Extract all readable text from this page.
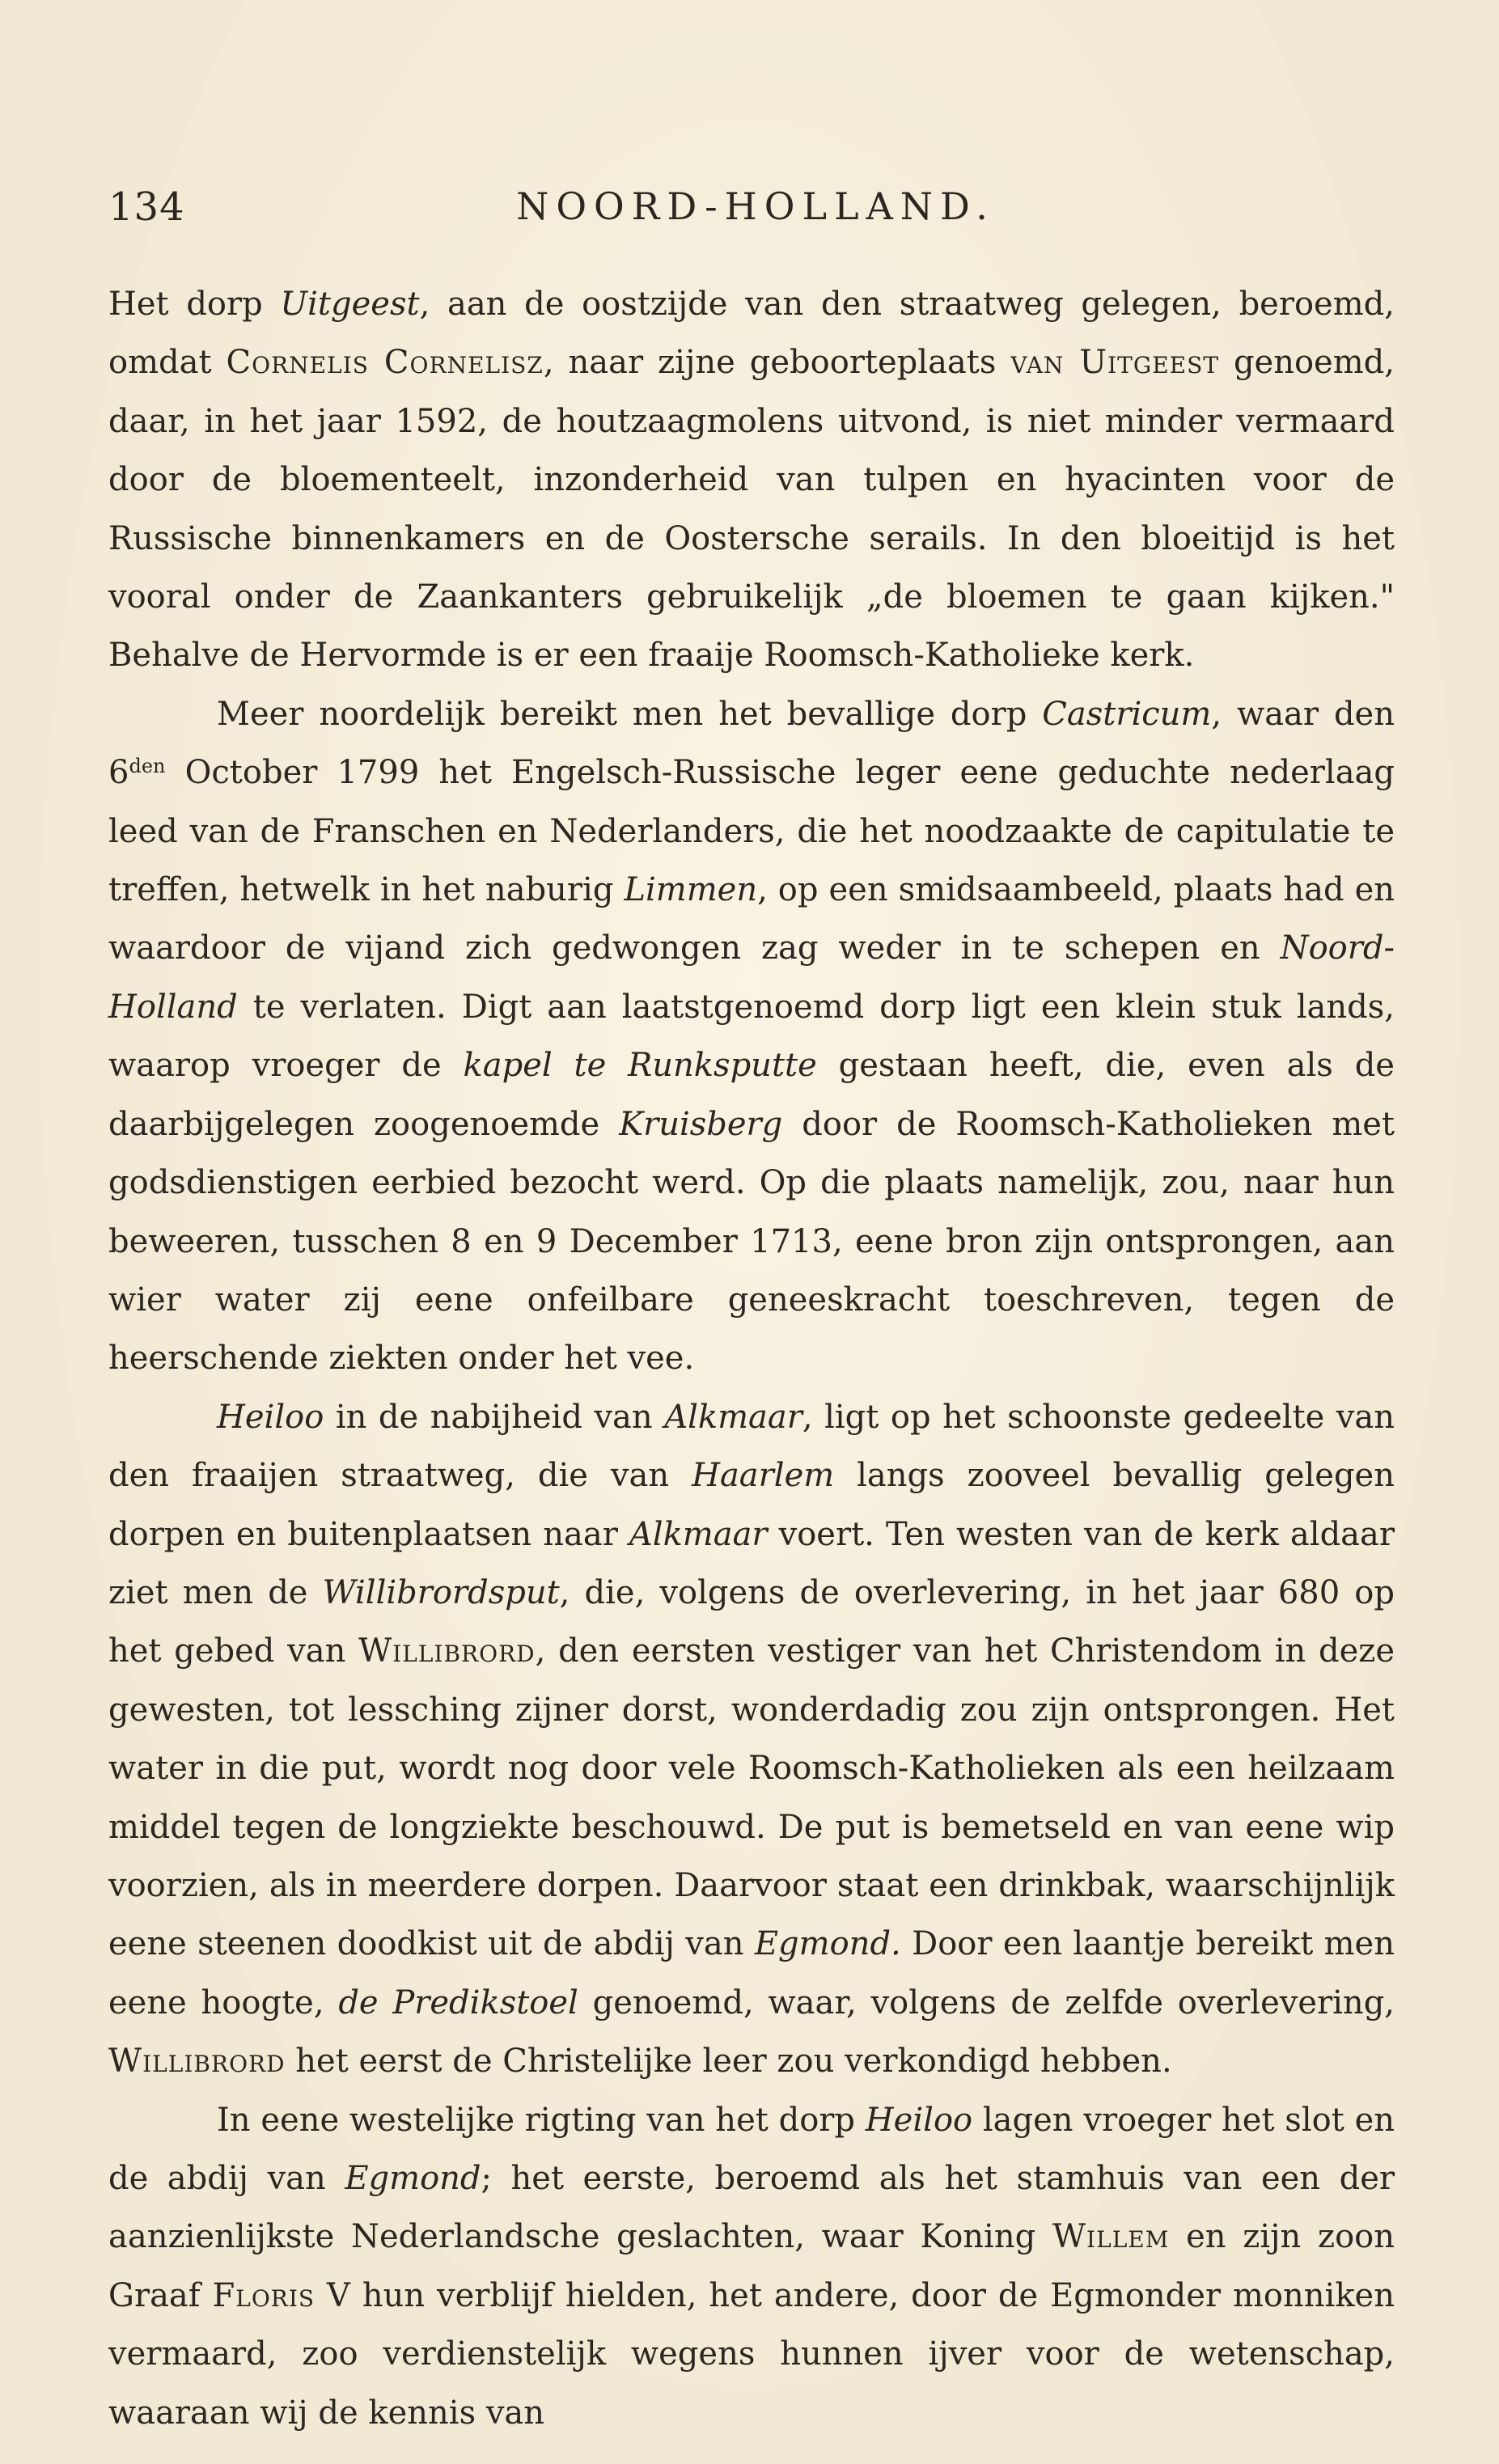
134	NOORD-HOLLAND.

Het dorp Uitgeest, aan de oostzijde van den straatweg gelegen, beroemd, omdat Cornelis Cornelisz, naar zijne geboorteplaats van Uitgeest genoemd, daar, in het jaar 1592, de houtzaagmolens uitvond, is niet minder vermaard door de bloementeelt, inzonderheid van tulpen en hyacinten voor de Russische binnenkamers en de Oostersche serails. In den bloeitijd is het vooral onder de Zaankanters gebruikelijk „de bloemen te gaan kijken." Behalve de Hervormde is er een fraaije Roomsch-Katholieke kerk.

Meer noordelijk bereikt men het bevallige dorp Castricum, waar den $6^{den}$ October 1799 het Engelsch-Russische leger eene geduchte nederlaag leed van de Franschen en Nederlanders, die het noodzaakte de capitulatie te treffen, hetwelk in het naburig Limmen, op een smidsaambeeld, plaats had en waardoor de vijand zich gedwongen zag weder in te schepen en Noord-Holland te verlaten. Digt aan laatstgenoemd dorp ligt een klein stuk lands, waarop vroeger de kapel te Runksputte gestaan heeft, die, even als de daarbijgelegen zoogenoemde Kruisberg door de Roomsch-Katholieken met godsdienstigen eerbied bezocht werd. Op die plaats namelijk, zou, naar hun beweeren, tusschen 8 en 9 December 1713, eene bron zijn ontsprongen, aan wier water zij eene onfeilbare geneeskracht toeschreven, tegen de heerschende ziekten onder het vee.

Heiloo in de nabijheid van Alkmaar, ligt op het schoonste gedeelte van den fraaijen straatweg, die van Haarlem langs zooveel bevallig gelegen dorpen en buitenplaatsen naar Alkmaar voert. Ten westen van de kerk aldaar ziet men de Willibrordsput, die, volgens de overlevering, in het jaar 680 op het gebed van Willibrord, den eersten vestiger van het Christendom in deze gewesten, tot lessching zijner dorst, wonderdadig zou zijn ontsprongen. Het water in die put, wordt nog door vele Roomsch-Katholieken als een heilzaam middel tegen de longziekte beschouwd. De put is bemetseld en van eene wip voorzien, als in meerdere dorpen. Daarvoor staat een drinkbak, waarschijnlijk eene steenen doodkist uit de abdij van Egmond. Door een laantje bereikt men eene hoogte, de Predikstoel genoemd, waar, volgens de zelfde overlevering, Willibrord het eerst de Christelijke leer zou verkondigd hebben.

In eene westelijke rigting van het dorp Heiloo lagen vroeger het slot en de abdij van Egmond; het eerste, beroemd als het stamhuis van een der aanzienlijkste Nederlandsche geslachten, waar Koning Willem en zijn zoon Graaf Floris V hun verblijf hielden, het andere, door de Egmonder monniken vermaard, zoo verdienstelijk wegens hunnen ijver voor de wetenschap, waaraan wij de kennis van
